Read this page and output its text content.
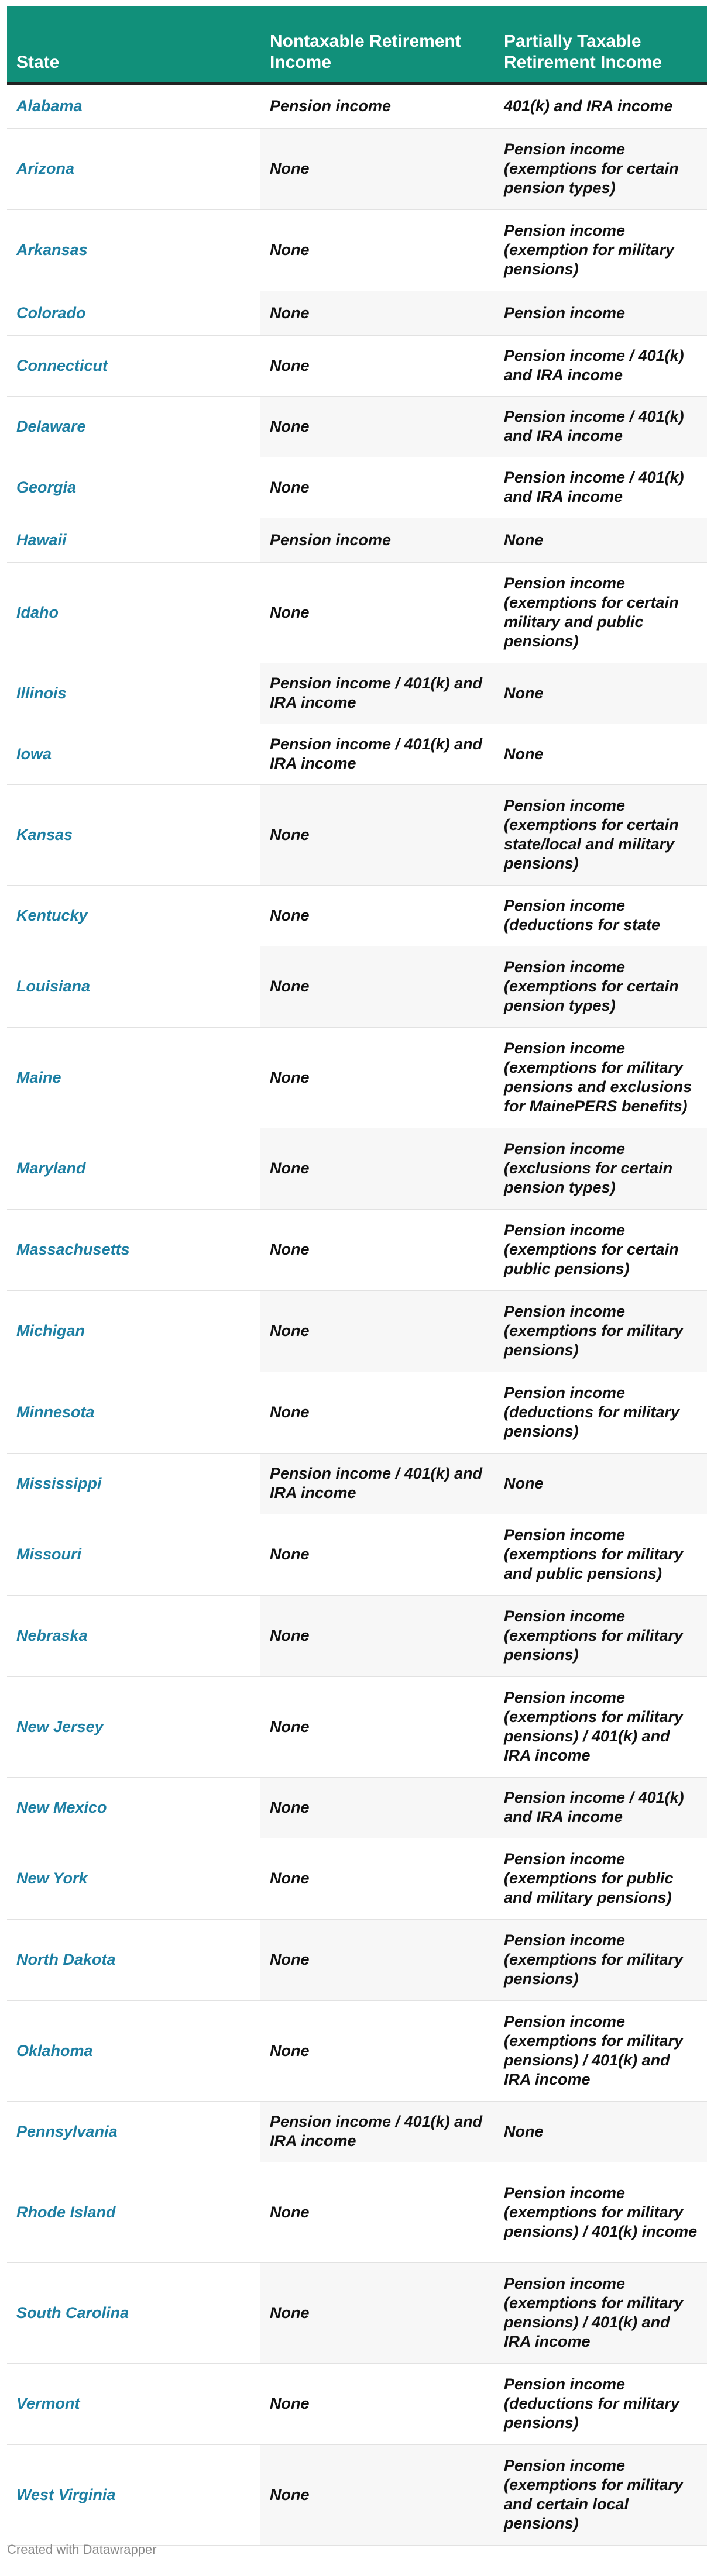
State	Nontaxable Retirement Income	Partially Taxable Retirement Income
Alabama	Pension income	401(k) and IRA income
Arizona	None	Pension income (exemptions for certain pension types)
Arkansas	None	Pension income (exemption for military pensions)
Colorado	None	Pension income
Connecticut	None	Pension income / 401(k) and IRA income
Delaware	None	Pension income / 401(k) and IRA income
Georgia	None	Pension income / 401(k) and IRA income
Hawaii	Pension income	None
Idaho	None	Pension income (exemptions for certain military and public pensions)
Illinois	Pension income / 401(k) and IRA income	None
Iowa	Pension income / 401(k) and IRA income	None
Kansas	None	Pension income (exemptions for certain state/local and military pensions)
Kentucky	None	Pension income (deductions for state
Louisiana	None	Pension income (exemptions for certain pension types)
Maine	None	Pension income (exemptions for military pensions and exclusions for MainePERS benefits)
Maryland	None	Pension income (exclusions for certain pension types)
Massachusetts	None	Pension income (exemptions for certain public pensions)
Michigan	None	Pension income (exemptions for military pensions)
Minnesota	None	Pension income (deductions for military pensions)
Mississippi	Pension income / 401(k) and IRA income	None
Missouri	None	Pension income (exemptions for military and public pensions)
Nebraska	None	Pension income (exemptions for military pensions)
New Jersey	None	Pension income (exemptions for military pensions) / 401(k) and IRA income
New Mexico	None	Pension income / 401(k) and IRA income
New York	None	Pension income (exemptions for public and military pensions)
North Dakota	None	Pension income (exemptions for military pensions)
Oklahoma	None	Pension income (exemptions for military pensions) / 401(k) and IRA income
Pennsylvania	Pension income / 401(k) and IRA income	None
Rhode Island	None	Pension income (exemptions for military pensions) / 401(k) income
South Carolina	None	Pension income (exemptions for military pensions) / 401(k) and IRA income
Vermont	None	Pension income (deductions for military pensions)
West Virginia	None	Pension income (exemptions for military and certain local pensions)
Created with Datawrapper
